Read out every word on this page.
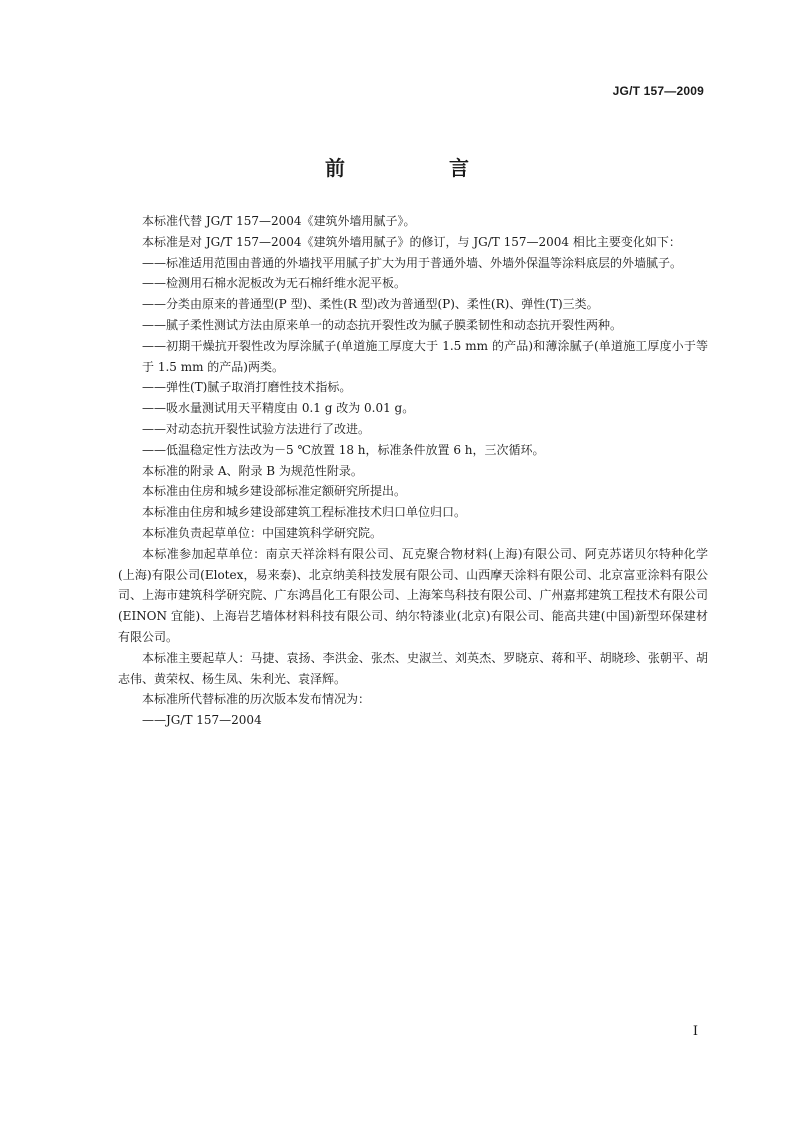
JG/T 157—2009
前　言

本标准代替 JG/T 157—2004《建筑外墙用腻子》。

本标准是对 JG/T 157—2004《建筑外墙用腻子》的修订，与 JG/T 157—2004 相比主要变化如下：

——标准适用范围由普通的外墙找平用腻子扩大为用于普通外墙、外墙外保温等涂料底层的外墙腻子。

——检测用石棉水泥板改为无石棉纤维水泥平板。

——分类由原来的普通型(P 型)、柔性(R 型)改为普通型(P)、柔性(R)、弹性(T)三类。

——腻子柔性测试方法由原来单一的动态抗开裂性改为腻子膜柔韧性和动态抗开裂性两种。

——初期干燥抗开裂性改为厚涂腻子(单道施工厚度大于 1.5 mm 的产品)和薄涂腻子(单道施工厚度小于等于 1.5 mm 的产品)两类。

——弹性(T)腻子取消打磨性技术指标。

——吸水量测试用天平精度由 0.1 g 改为 0.01 g。

——对动态抗开裂性试验方法进行了改进。

——低温稳定性方法改为－5 ℃放置 18 h，标准条件放置 6 h，三次循环。

本标准的附录 A、附录 B 为规范性附录。

本标准由住房和城乡建设部标准定额研究所提出。

本标准由住房和城乡建设部建筑工程标准技术归口单位归口。

本标准负责起草单位：中国建筑科学研究院。

本标准参加起草单位：南京天祥涂料有限公司、瓦克聚合物材料(上海)有限公司、阿克苏诺贝尔特种化学(上海)有限公司(Elotex，易来泰)、北京纳美科技发展有限公司、山西摩天涂料有限公司、北京富亚涂料有限公司、上海市建筑科学研究院、广东鸿昌化工有限公司、上海笨鸟科技有限公司、广州嘉邦建筑工程技术有限公司(EINON 宜能)、上海岩艺墙体材料科技有限公司、纳尔特漆业(北京)有限公司、能高共建(中国)新型环保建材有限公司。

本标准主要起草人：马捷、袁扬、李洪金、张杰、史淑兰、刘英杰、罗晓京、蒋和平、胡晓珍、张朝平、胡志伟、黄荣权、杨生凤、朱利光、袁泽辉。

本标准所代替标准的历次版本发布情况为：

——JG/T 157—2004

I
